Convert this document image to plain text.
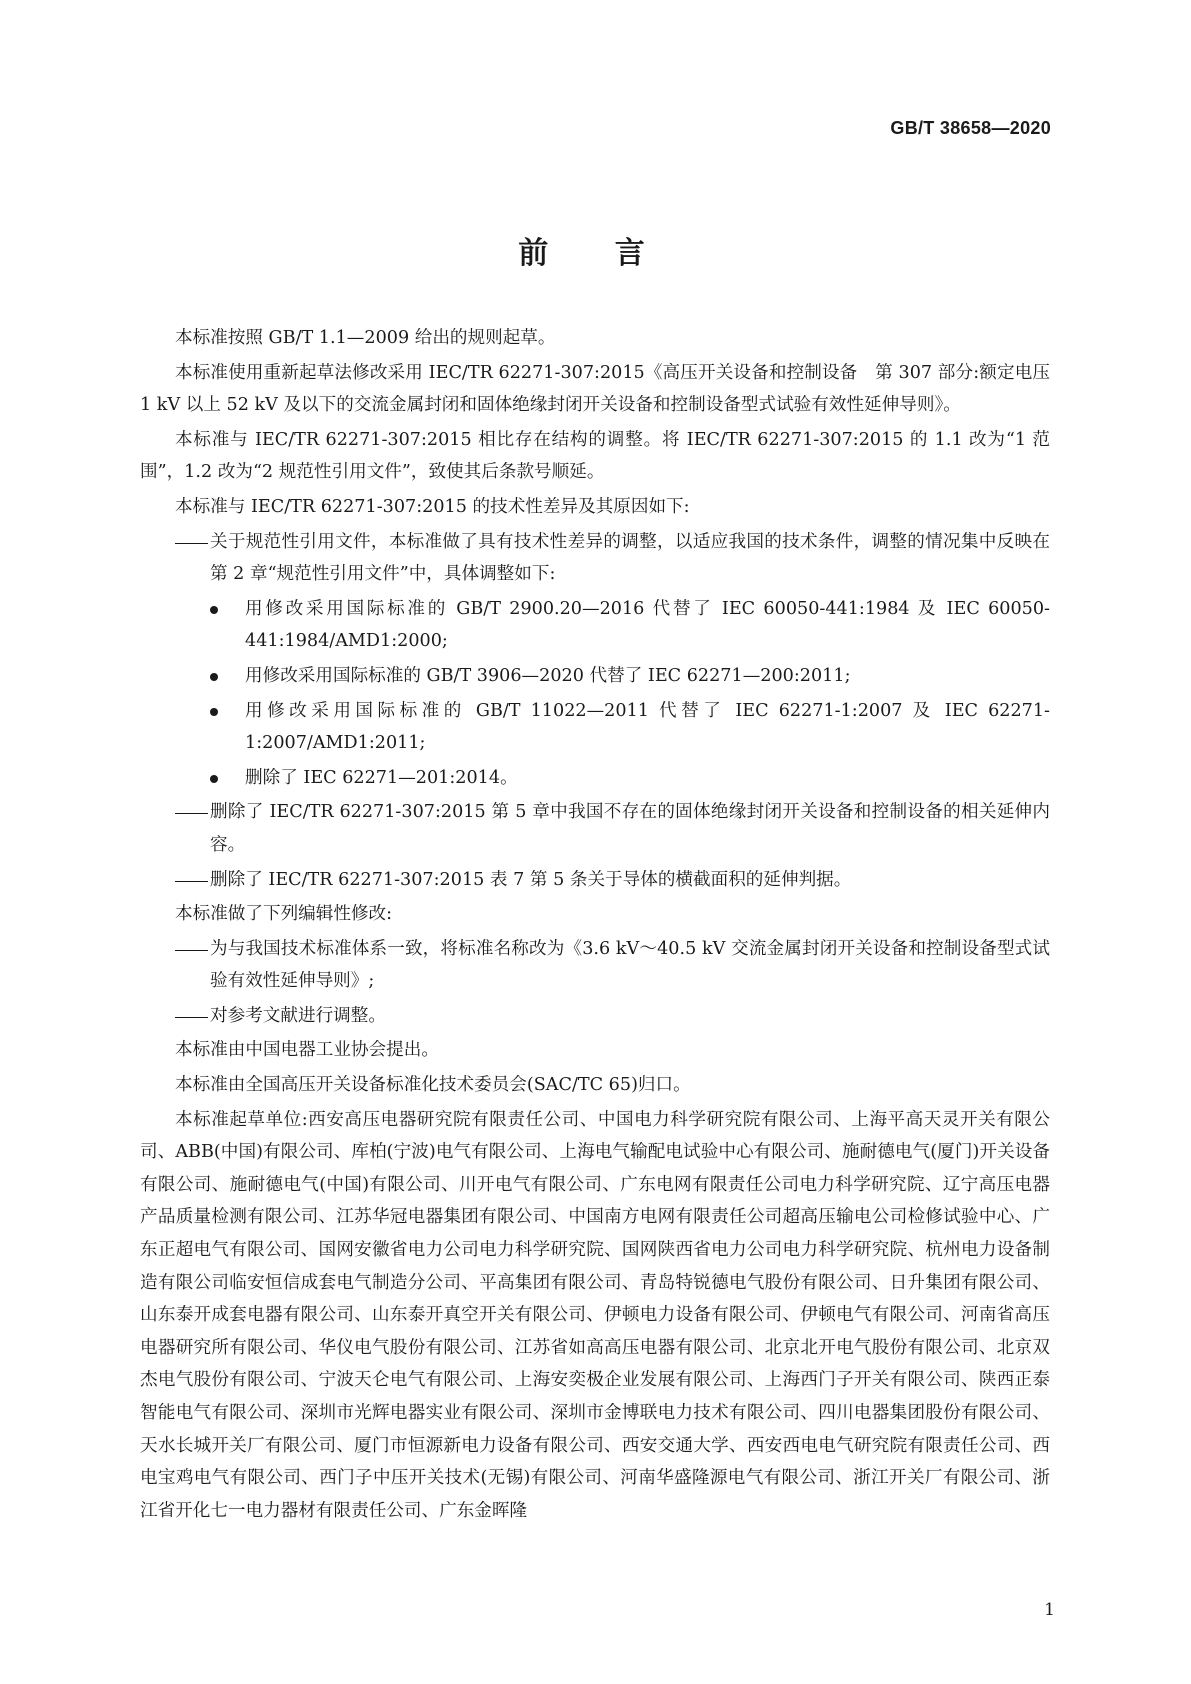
GB/T 38658—2020
前 言
本标准按照 GB/T 1.1—2009 给出的规则起草。
本标准使用重新起草法修改采用 IEC/TR 62271-307:2015《高压开关设备和控制设备　第 307 部分:额定电压 1 kV 以上 52 kV 及以下的交流金属封闭和固体绝缘封闭开关设备和控制设备型式试验有效性延伸导则》。
本标准与 IEC/TR 62271-307:2015 相比存在结构的调整。将 IEC/TR 62271-307:2015 的 1.1 改为“1 范围”，1.2 改为“2 规范性引用文件”，致使其后条款号顺延。
本标准与 IEC/TR 62271-307:2015 的技术性差异及其原因如下:
关于规范性引用文件，本标准做了具有技术性差异的调整，以适应我国的技术条件，调整的情况集中反映在第 2 章“规范性引用文件”中，具体调整如下:
用修改采用国际标准的 GB/T 2900.20—2016 代替了 IEC 60050-441:1984 及 IEC 60050-441:1984/AMD1:2000;
用修改采用国际标准的 GB/T 3906—2020 代替了 IEC 62271—200:2011;
用修改采用国际标准的 GB/T 11022—2011 代替了 IEC 62271-1:2007 及 IEC 62271-1:2007/AMD1:2011;
删除了 IEC 62271—201:2014。
删除了 IEC/TR 62271-307:2015 第 5 章中我国不存在的固体绝缘封闭开关设备和控制设备的相关延伸内容。
删除了 IEC/TR 62271-307:2015 表 7 第 5 条关于导体的横截面积的延伸判据。
本标准做了下列编辑性修改:
为与我国技术标准体系一致，将标准名称改为《3.6 kV～40.5 kV 交流金属封闭开关设备和控制设备型式试验有效性延伸导则》;
对参考文献进行调整。
本标准由中国电器工业协会提出。
本标准由全国高压开关设备标准化技术委员会(SAC/TC 65)归口。
本标准起草单位:西安高压电器研究院有限责任公司、中国电力科学研究院有限公司、上海平高天灵开关有限公司、ABB(中国)有限公司、库柏(宁波)电气有限公司、上海电气输配电试验中心有限公司、施耐德电气(厦门)开关设备有限公司、施耐德电气(中国)有限公司、川开电气有限公司、广东电网有限责任公司电力科学研究院、辽宁高压电器产品质量检测有限公司、江苏华冠电器集团有限公司、中国南方电网有限责任公司超高压输电公司检修试验中心、广东正超电气有限公司、国网安徽省电力公司电力科学研究院、国网陕西省电力公司电力科学研究院、杭州电力设备制造有限公司临安恒信成套电气制造分公司、平高集团有限公司、青岛特锐德电气股份有限公司、日升集团有限公司、山东泰开成套电器有限公司、山东泰开真空开关有限公司、伊顿电力设备有限公司、伊顿电气有限公司、河南省高压电器研究所有限公司、华仪电气股份有限公司、江苏省如高高压电器有限公司、北京北开电气股份有限公司、北京双杰电气股份有限公司、宁波天仑电气有限公司、上海安奕极企业发展有限公司、上海西门子开关有限公司、陕西正泰智能电气有限公司、深圳市光辉电器实业有限公司、深圳市金博联电力技术有限公司、四川电器集团股份有限公司、天水长城开关厂有限公司、厦门市恒源新电力设备有限公司、西安交通大学、西安西电电气研究院有限责任公司、西电宝鸡电气有限公司、西门子中压开关技术(无锡)有限公司、河南华盛隆源电气有限公司、浙江开关厂有限公司、浙江省开化七一电力器材有限责任公司、广东金晖隆
1
